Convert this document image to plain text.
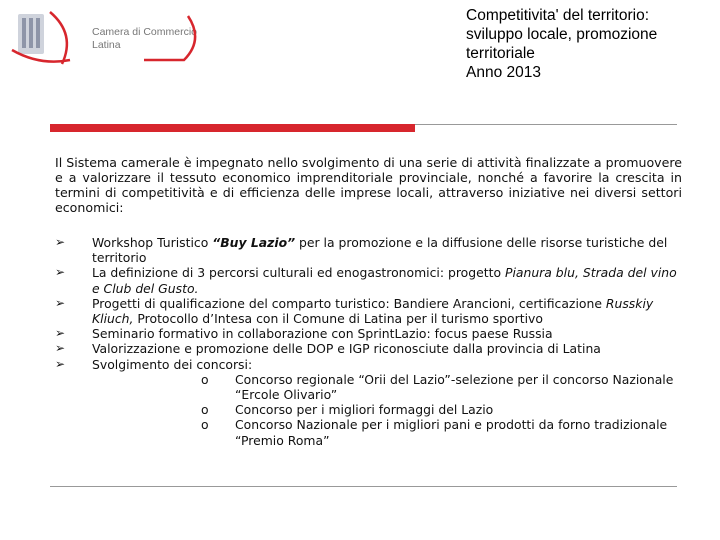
Camera di Commercio
Latina
Competitivita' del territorio:
sviluppo locale, promozione
territoriale
Anno 2013
Il Sistema camerale è impegnato nello svolgimento di una serie di attività finalizzate a promuovere e a valorizzare il tessuto economico imprenditoriale provinciale, nonché a favorire la crescita in termini di competitività e di efficienza delle imprese locali, attraverso iniziative nei diversi settori economici:
➢ Workshop Turistico “Buy Lazio” per la promozione e la diffusione delle risorse turistiche del territorio
➢ La definizione di 3 percorsi culturali ed enogastronomici: progetto Pianura blu, Strada del vino e Club del Gusto.
➢ Progetti di qualificazione del comparto turistico: Bandiere Arancioni, certificazione Russkiy Kliuch, Protocollo d’Intesa con il Comune di Latina per il turismo sportivo
➢ Seminario formativo in collaborazione con SprintLazio: focus paese Russia
➢ Valorizzazione e promozione delle DOP e IGP riconosciute dalla provincia di Latina
➢ Svolgimento dei concorsi:
o Concorso regionale “Orii del Lazio”-selezione per il concorso Nazionale “Ercole Olivario”
o Concorso per i migliori formaggi del Lazio
o Concorso Nazionale per i migliori pani e prodotti da forno tradizionale “Premio Roma”
